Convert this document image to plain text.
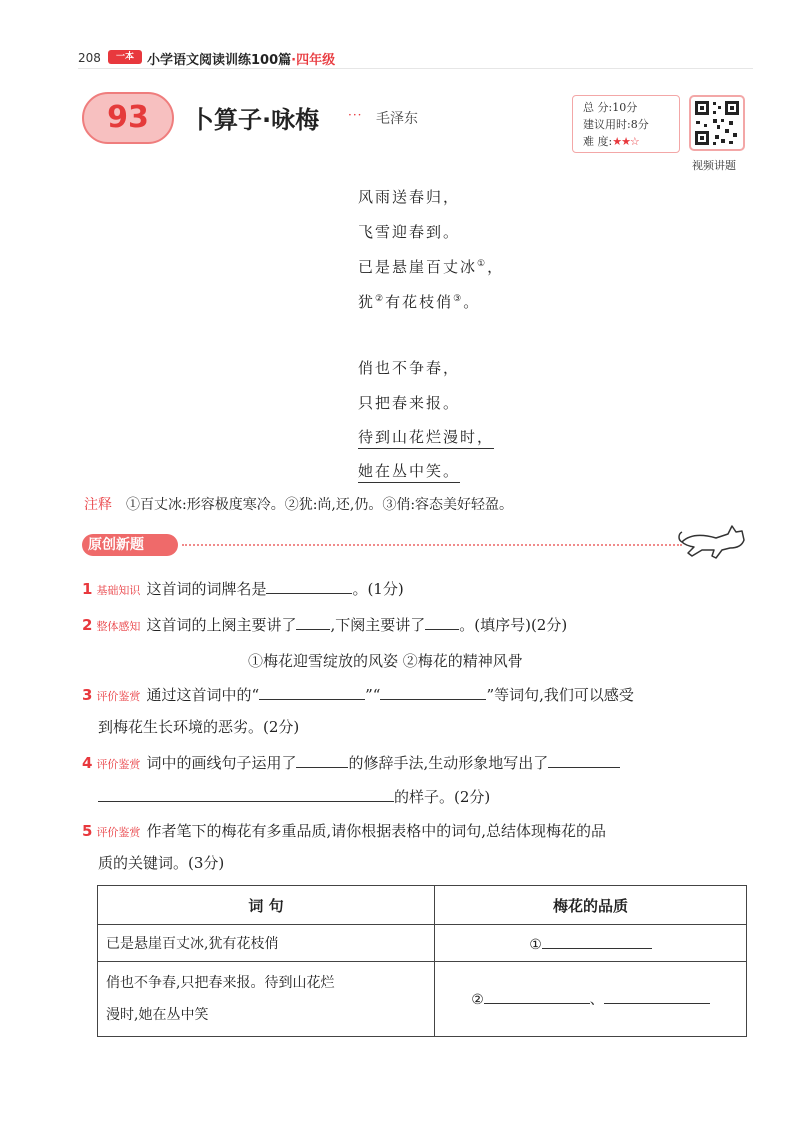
208	一本	小学语文阅读训练100篇·四年级
93	卜算子·咏梅 ··· 毛泽东
总 分:10分
建议用时:8分
难 度:★★☆
视频讲题
风雨送春归，
飞雪迎春到。
已是悬崖百丈冰①，
犹②有花枝俏③。
俏也不争春，
只把春来报。
待到山花烂漫时，
她在丛中笑。
注释 ①百丈冰:形容极度寒冷。②犹:尚,还,仍。③俏:容态美好轻盈。
原创新题
1 基础知识 这首词的词牌名是	。(1分)
2 整体感知 这首词的上阕主要讲了 ,下阕主要讲了 。(填序号)(2分)
①梅花迎雪绽放的风姿 ②梅花的精神风骨
3 评价鉴赏 通过这首词中的“	”“	”等词句,我们可以感受
到梅花生长环境的恶劣。(2分)
4 评价鉴赏 词中的画线句子运用了	的修辞手法,生动形象地写出了
的样子。(2分)
5 评价鉴赏 作者笔下的梅花有多重品质,请你根据表格中的词句,总结体现梅花的品
质的关键词。(3分)
词 句	梅花的品质
已是悬崖百丈冰,犹有花枝俏	①

俏也不争春,只把春来报。待到山花烂
漫时,她在丛中笑	② 、
